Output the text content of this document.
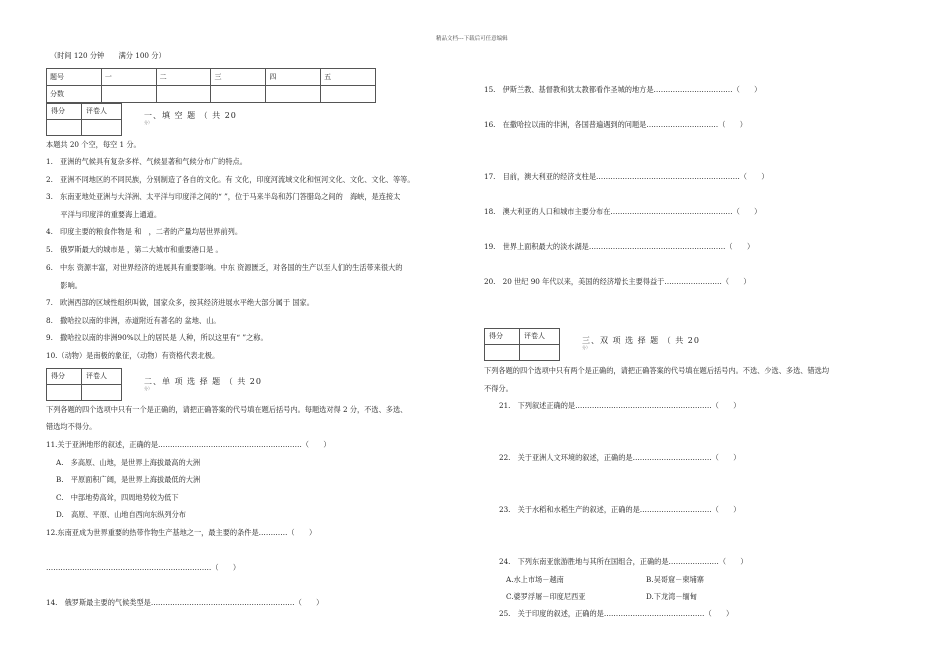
精品文档---下载后可任意编辑
（时间 120 分钟　　满分 100 分）
题号	一	二	三	四	五
分数					
得分	评卷人
		一、填 空 题 （ 共 20
分）
本题共 20 个空，每空 1 分。
1.　亚洲的气候具有复杂多样、气候显著和气候分布广的特点。
2.　亚洲不同地区的不同民族，分别制造了各自的文化。有 文化，印度河流域文化和恒河文化、文化、文化、等等。
3.　东南亚地处亚洲与大洋洲、太平洋与印度洋之间的“ ”，位于马来半岛和苏门答腊岛之间的　海峡，是连接太
　　平洋与印度洋的重要海上通道。
4.　印度主要的粮食作物是 和　，二者的产量均居世界前列。
5.　俄罗斯最大的城市是 ，第二大城市和重要港口是 。
6.　中东 资源丰富，对世界经济的进展具有重要影响。中东 资源匮乏，对各国的生产以至人们的生活带来很大的
　　影响。
7.　欧洲西部的区域性组织叫做，国家众多，按其经济进展水平绝大部分属于 国家。
8.　撒哈拉以南的非洲，赤道附近有著名的 盆地、山。
9.　撒哈拉以南的非洲90%以上的居民是 人种，所以这里有“ ”之称。
10.（动物）是南极的象征，（动物）有资格代表北极。
得分	评卷人

二、单 项 选 择 题 （ 共 20
分）
下列各题的四个选项中只有一个是正确的，请把正确答案的代号填在题后括号内。每题选对得 2 分，不选、多选、
错选均不得分。
11.关于亚洲地形的叙述，正确的是……………………………………………………（　　）
A.　多高原、山地，是世界上海拔最高的大洲
B.　平原面积广阔，是世界上海拔最低的大洲
C.　中部地势高耸，四周地势较为低下
D.　高原、平原、山地自西向东纵列分布
12.东南亚成为世界重要的热带作物生产基地之一，最主要的条件是…………（　　）
……………………………………………………………（　　）
14.　俄罗斯最主要的气候类型是……………………………………………………（　　）
15.　伊斯兰教、基督教和犹太教都看作圣城的地方是……………………………（　　）
16.　在撒哈拉以南的非洲，各国普遍遇到的问题是…………………………（　　）
17.　目前，澳大利亚的经济支柱是……………………………………………………（　　）
18.　澳大利亚的人口和城市主要分布在……………………………………………（　　）
19.　世界上面积最大的淡水湖是…………………………………………………（　　）
20.　20 世纪 90 年代以来，美国的经济增长主要得益于……………………（　　）
得分	评卷人
		三、双 项 选 择 题 （ 共 20
分）
下列各题的四个选项中只有两个是正确的，请把正确答案的代号填在题后括号内。不选、少选、多选、错选均
不得分。
21.　下列叙述正确的是…………………………………………………（　　）
22.　关于亚洲人文环境的叙述，正确的是……………………………（　　）
23.　关于水稻和水稻生产的叙述，正确的是…………………………（　　）
24.　下列东南亚旅游胜地与其所在国组合，正确的是…………………（　　）
A.水上市场－越南	B.吴哥窟－柬埔寨
C.婆罗浮屠－印度尼西亚	D.下龙湾－缅甸
25.　关于印度的叙述，正确的是……………………………………（　　）
